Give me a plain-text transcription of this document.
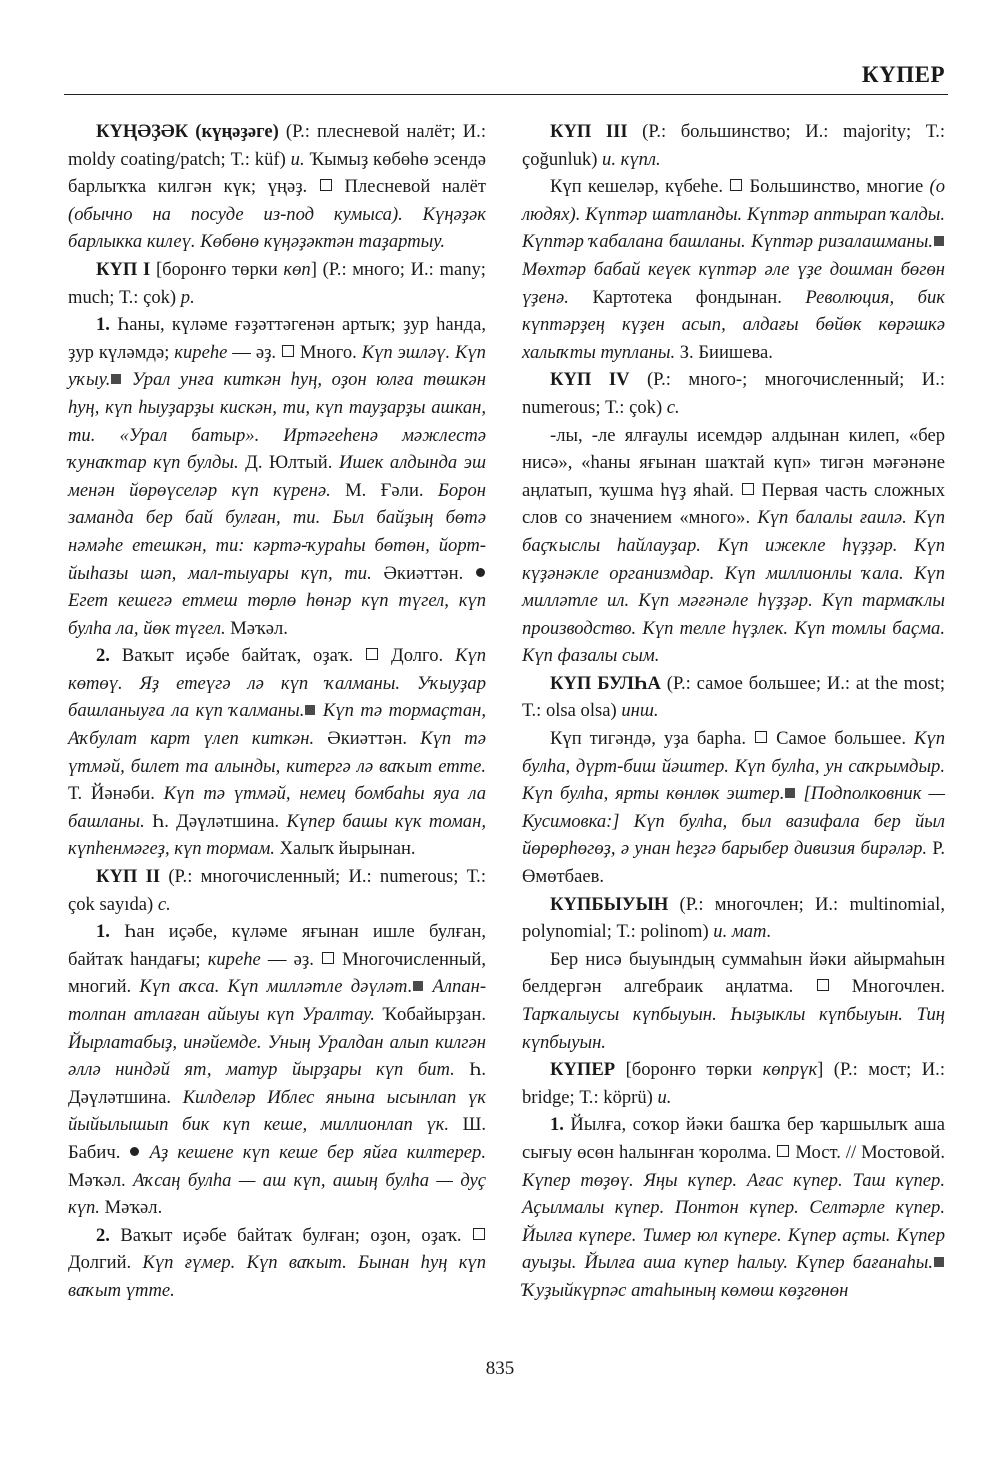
КҮПЕР

КҮҢӘҘӘК (күңәҙәге) (Р.: плесневой налёт; И.: moldy coating/patch; Т.: küf) и. Ҡымыҙ көбөһө эсендә барлыҡҡа килгән күк; үңәҙ.  Плесневой налёт (обычно на посуде из-под кумыса). Күңәҙәк барлыкка килеү. Көбөнө күңәҙәктән таҙартыу.

КҮП I [боронғо төрки көп] (Р.: много; И.: many; much; Т.: çok) р.

1. Һаны, күләме ғәҙәттәгенән артыҡ; ҙур һанда, ҙур күләмдә; киреһе — әҙ.  Много. Күп эшләү. Күп уҡыу. Урал унға киткән һуң, оҙон юлға төшкән һуң, күп һыуҙарҙы кискән, ти, күп тауҙарҙы ашкан, ти. «Урал батыр». Иртәгеһенә мәжлестә ҡунаҡтар күп булды. Д. Юлтый. Ишек алдында эш менән йөрөүселәр күп күренә. М. Ғәли. Борон заманда бер бай булған, ти. Был байҙың бөтә нәмәһе етешкән, ти: кәртә-ҡураһы бөтөн, йорт-йыһазы шәп, мал-тыуары күп, ти. Әкиәттән.  Егет кешегә етмеш төрлө һөнәр күп түгел, күп булһа ла, йөк түгел. Мәҡәл.

2. Ваҡыт иҫәбе байтаҡ, оҙаҡ.  Долго. Күп көтөү. Яҙ етеүгә лә күп ҡалманы. Уҡыуҙар башланыуға ла күп ҡалманы. Күп тә тормаҫтан, Аҡбулат карт үлеп киткән. Әкиәттән. Күп тә үтмәй, билет та алынды, китергә лә ваҡыт етте. Т. Йәнәби. Күп тә үтмәй, немец бомбаһы яуа ла башланы. Һ. Дәүләтшина. Күпер башы күк томан, күпһенмәгеҙ, күп тормам. Халыҡ йырынан.

КҮП II (Р.: многочисленный; И.: numerous; Т.: çok sayıda) с.

1. Һан иҫәбе, күләме яғынан ишле булған, байтаҡ һандағы; киреһе — әҙ.  Многочисленный, многий. Күп аҡса. Күп милләтле дәүләт. Алпан-толпан атлаған айыуы күп Уралтау. Ҡобайырҙан. Йырлатабыҙ, инәйемде. Уның Уралдан алып килгән әллә ниндәй ят, матур йырҙары күп бит. Һ. Дәүләтшина. Килделәр Иблес янына ысынлап үк йыйылышып бик күп кеше, миллионлап үк. Ш. Бабич.  Аҙ кешене күп кеше бер яйға килтерер. Мәҡәл. Аҡсаң булһа — аш күп, ашың булһа — дуҫ күп. Мәҡәл.

2. Ваҡыт иҫәбе байтаҡ булған; оҙон, оҙаҡ.  Долгий. Күп ғүмер. Күп ваҡыт. Бынан һуң күп ваҡыт үтте.

КҮП III (Р.: большинство; И.: majority; Т.: çoğunluk) и. күпл.

Күп кешеләр, күбеһе.  Большинство, многие (о людях). Күптәр шатланды. Күптәр аптырап ҡалды. Күптәр ҡабалана башланы. Күптәр ризалашманы. Мөхтәр бабай кеүек күптәр әле үҙе дошман бөгөн үҙенә. Картотека фондынан. Революция, бик күптәрҙең күҙен асып, алдағы бөйөк көрәшкә халыҡты тупланы. З. Биишева.

КҮП IV (Р.: много-; многочисленный; И.: numerous; Т.: çok) с.

-лы, -ле ялғаулы исемдәр алдынан килеп, «бер нисә», «һаны яғынан шаҡтай күп» тигән мәғәнәне аңлатып, ҡушма һүҙ яһай.  Первая часть сложных слов со значением «много». Күп балалы ғаилә. Күп баҫҡыслы һайлауҙар. Күп ижекле һүҙҙәр. Күп күҙәнәкле организмдар. Күп миллионлы ҡала. Күп милләтле ил. Күп мәғәнәле һүҙҙәр. Күп тармаҡлы производство. Күп телле һүҙлек. Күп томлы баҫма. Күп фазалы сым.

КҮП БУЛҺА (Р.: самое большее; И.: at the most; Т.: olsa olsa) инш.

Күп тигәндә, уҙа барһа.  Самое большее. Күп булһа, дүрт-биш йәштер. Күп булһа, ун саҡрымдыр. Күп булһа, ярты көнлөк эштер. [Подполковник — Кусимовка:] Күп булһа, был вазифала бер йыл йөрөрһөгөҙ, ә унан һеҙгә барыбер дивизия бирәләр. Р. Өмөтбаев.

КҮПБЫУЫН (Р.: многочлен; И.: multinomial, polynomial; Т.: polinom) и. мат.

Бер нисә быуындың суммаһын йәки айырмаһын белдергән алгебраик аңлатма.  Многочлен. Тарҡалыусы күпбыуын. Һыҙыклы күпбыуын. Тиң күпбыуын.

КҮПЕР [боронғо төрки көпрүк] (Р.: мост; И.: bridge; Т.: köprü) и.

1. Йылға, соҡор йәки башҡа бер ҡаршылыҡ аша сығыу өсөн һалынған ҡоролма.  Мост. // Мостовой. Күпер төҙөү. Яңы күпер. Ағас күпер. Таш күпер. Аҫылмалы күпер. Понтон күпер. Селтәрле күпер. Йылға күпере. Тимер юл күпере. Күпер аҫты. Күпер ауыҙы. Йылға аша күпер һалыу. Күпер бағанаһы. Ҡуҙыйкүрпәс атаһының көмөш көҙгөнөн

835
